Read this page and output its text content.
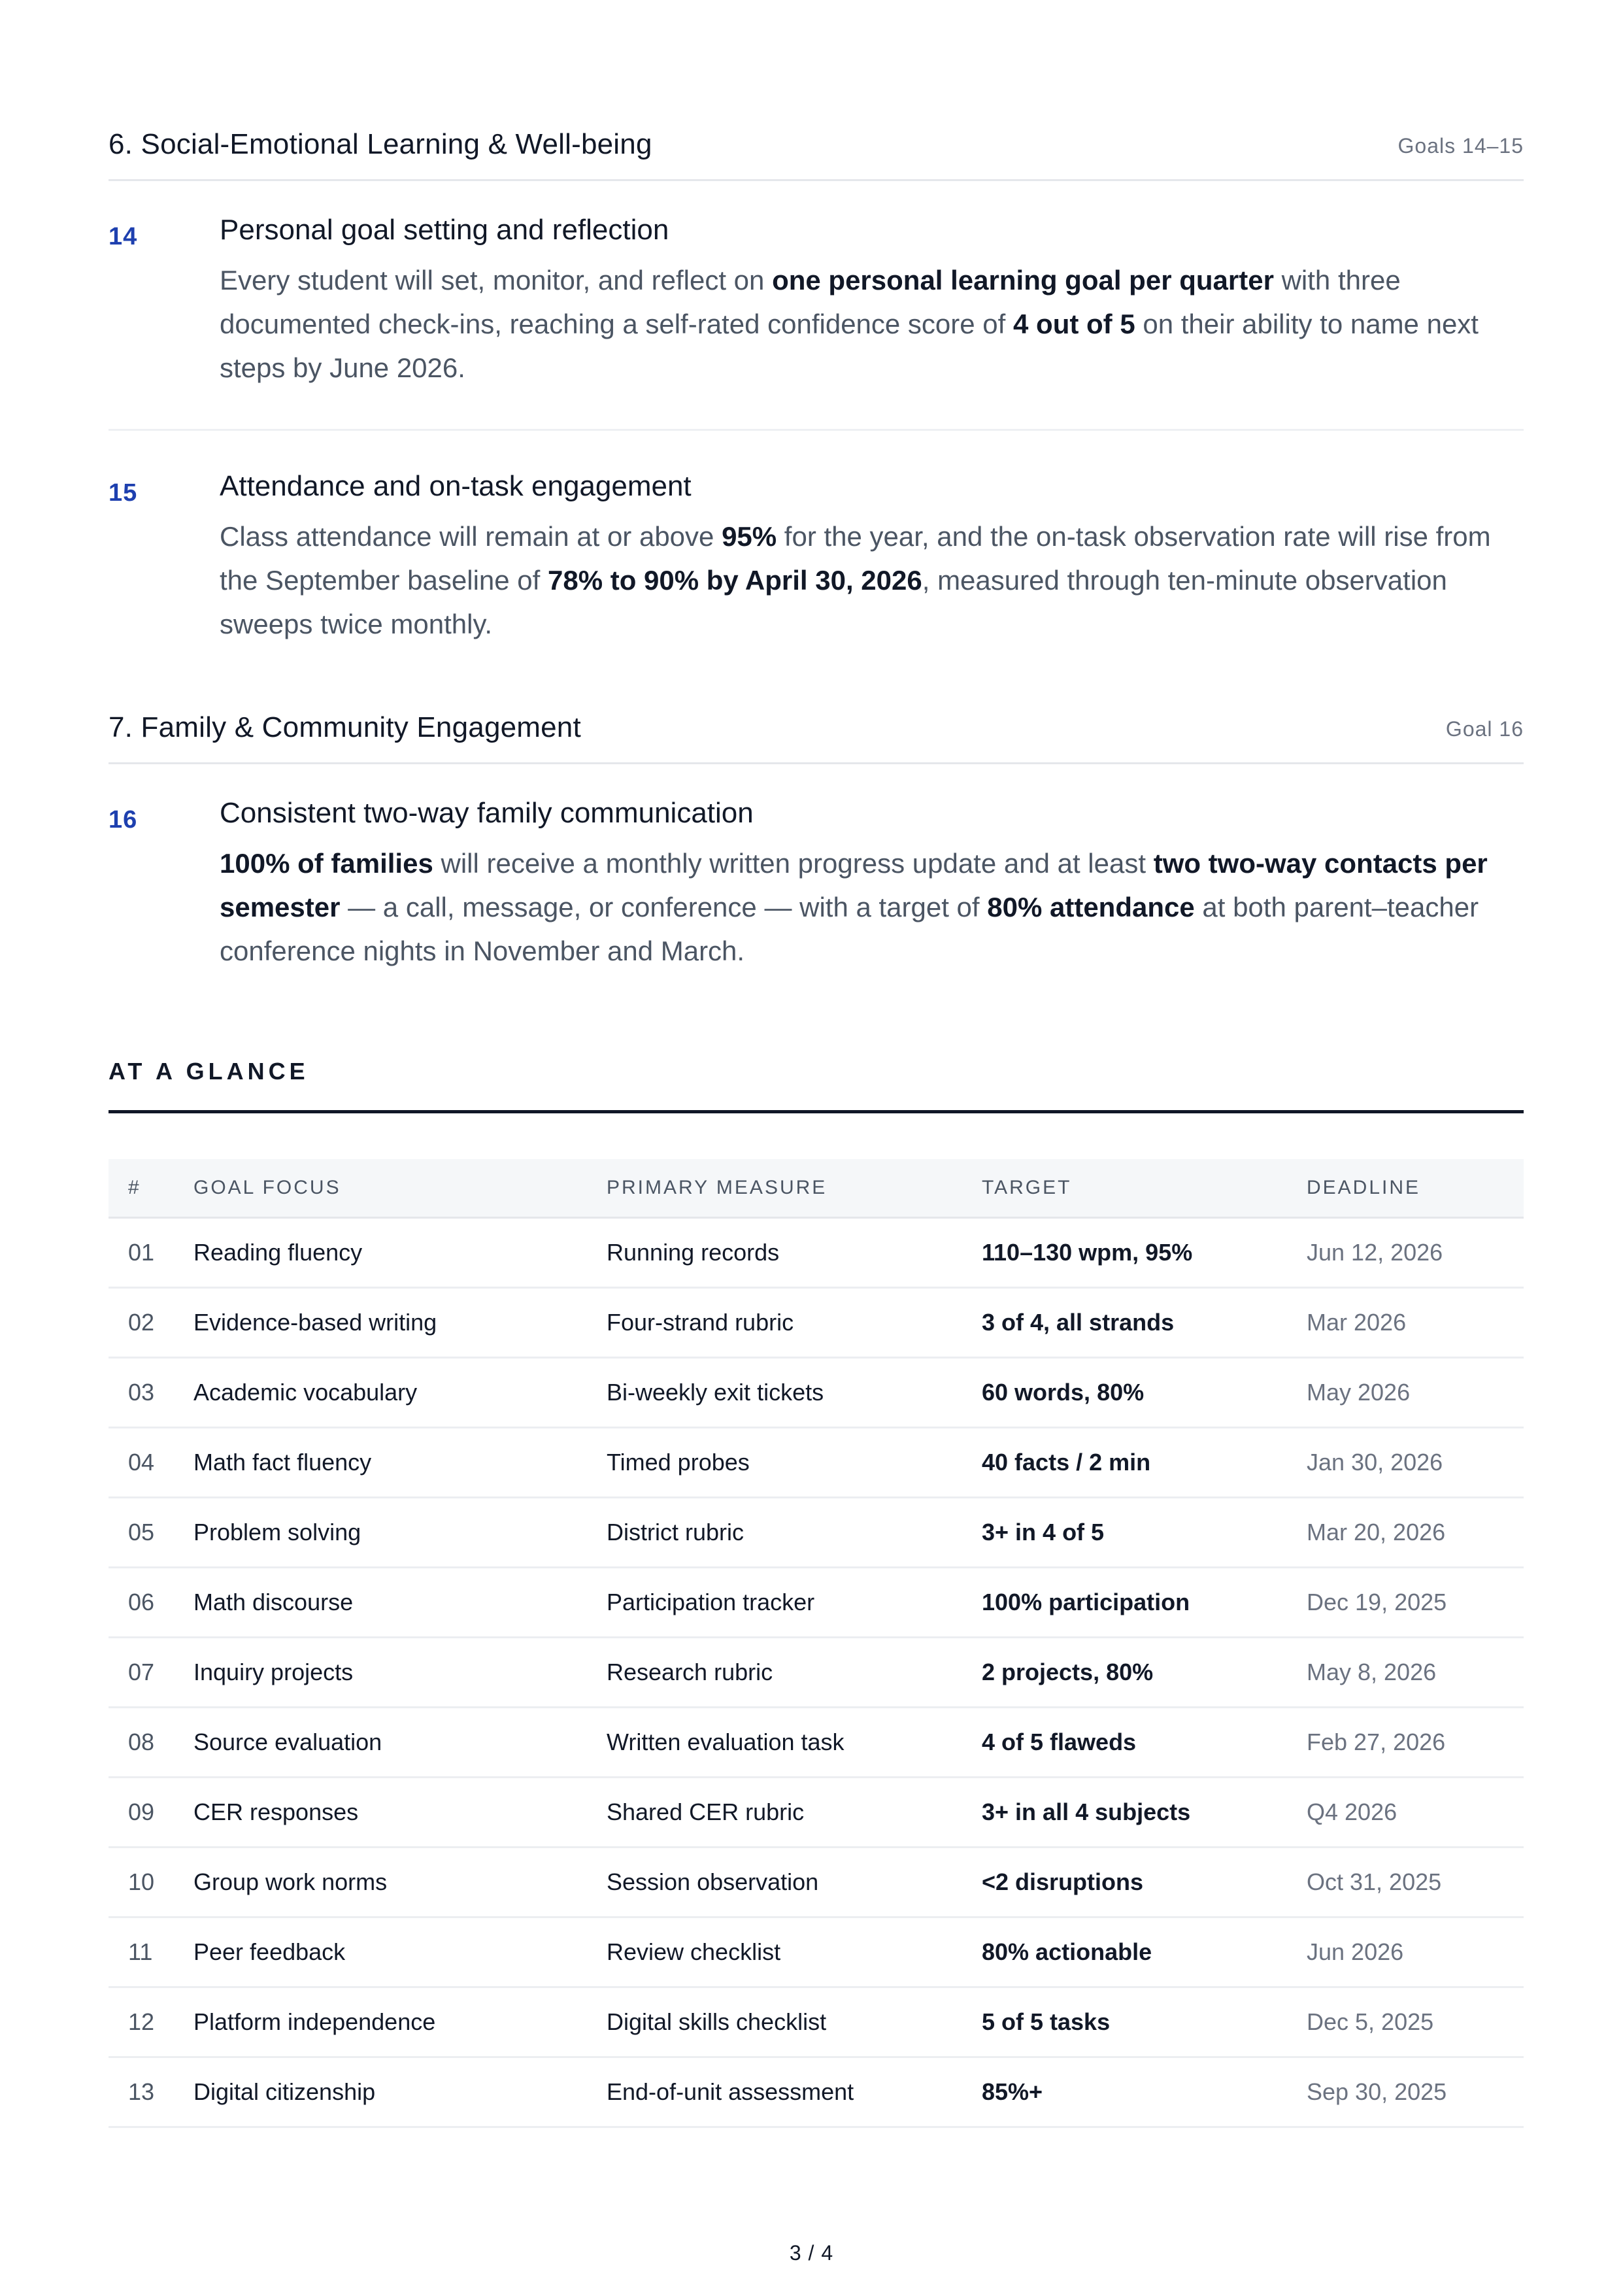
6. Social-Emotional Learning & Well-being	Goals 14–15
14	Personal goal setting and reflection
Every student will set, monitor, and reflect on one personal learning goal per quarter with three documented check-ins, reaching a self-rated confidence score of 4 out of 5 on their ability to name next steps by June 2026.
15	Attendance and on-task engagement
Class attendance will remain at or above 95% for the year, and the on-task observation rate will rise from the September baseline of 78% to 90% by April 30, 2026, measured through ten-minute observation sweeps twice monthly.
7. Family & Community Engagement	Goal 16
16	Consistent two-way family communication
100% of families will receive a monthly written progress update and at least two two-way contacts per semester — a call, message, or conference — with a target of 80% attendance at both parent–teacher conference nights in November and March.
AT A GLANCE
#	GOAL FOCUS	PRIMARY MEASURE	TARGET	DEADLINE
01	Reading fluency	Running records	110–130 wpm, 95%	Jun 12, 2026
02	Evidence-based writing	Four-strand rubric	3 of 4, all strands	Mar 2026
03	Academic vocabulary	Bi-weekly exit tickets	60 words, 80%	May 2026
04	Math fact fluency	Timed probes	40 facts / 2 min	Jan 30, 2026
05	Problem solving	District rubric	3+ in 4 of 5	Mar 20, 2026
06	Math discourse	Participation tracker	100% participation	Dec 19, 2025
07	Inquiry projects	Research rubric	2 projects, 80%	May 8, 2026
08	Source evaluation	Written evaluation task	4 of 5 flaweds	Feb 27, 2026
09	CER responses	Shared CER rubric	3+ in all 4 subjects	Q4 2026
10	Group work norms	Session observation	<2 disruptions	Oct 31, 2025
11	Peer feedback	Review checklist	80% actionable	Jun 2026
12	Platform independence	Digital skills checklist	5 of 5 tasks	Dec 5, 2025
13	Digital citizenship	End-of-unit assessment	85%+	Sep 30, 2025
3 / 4
